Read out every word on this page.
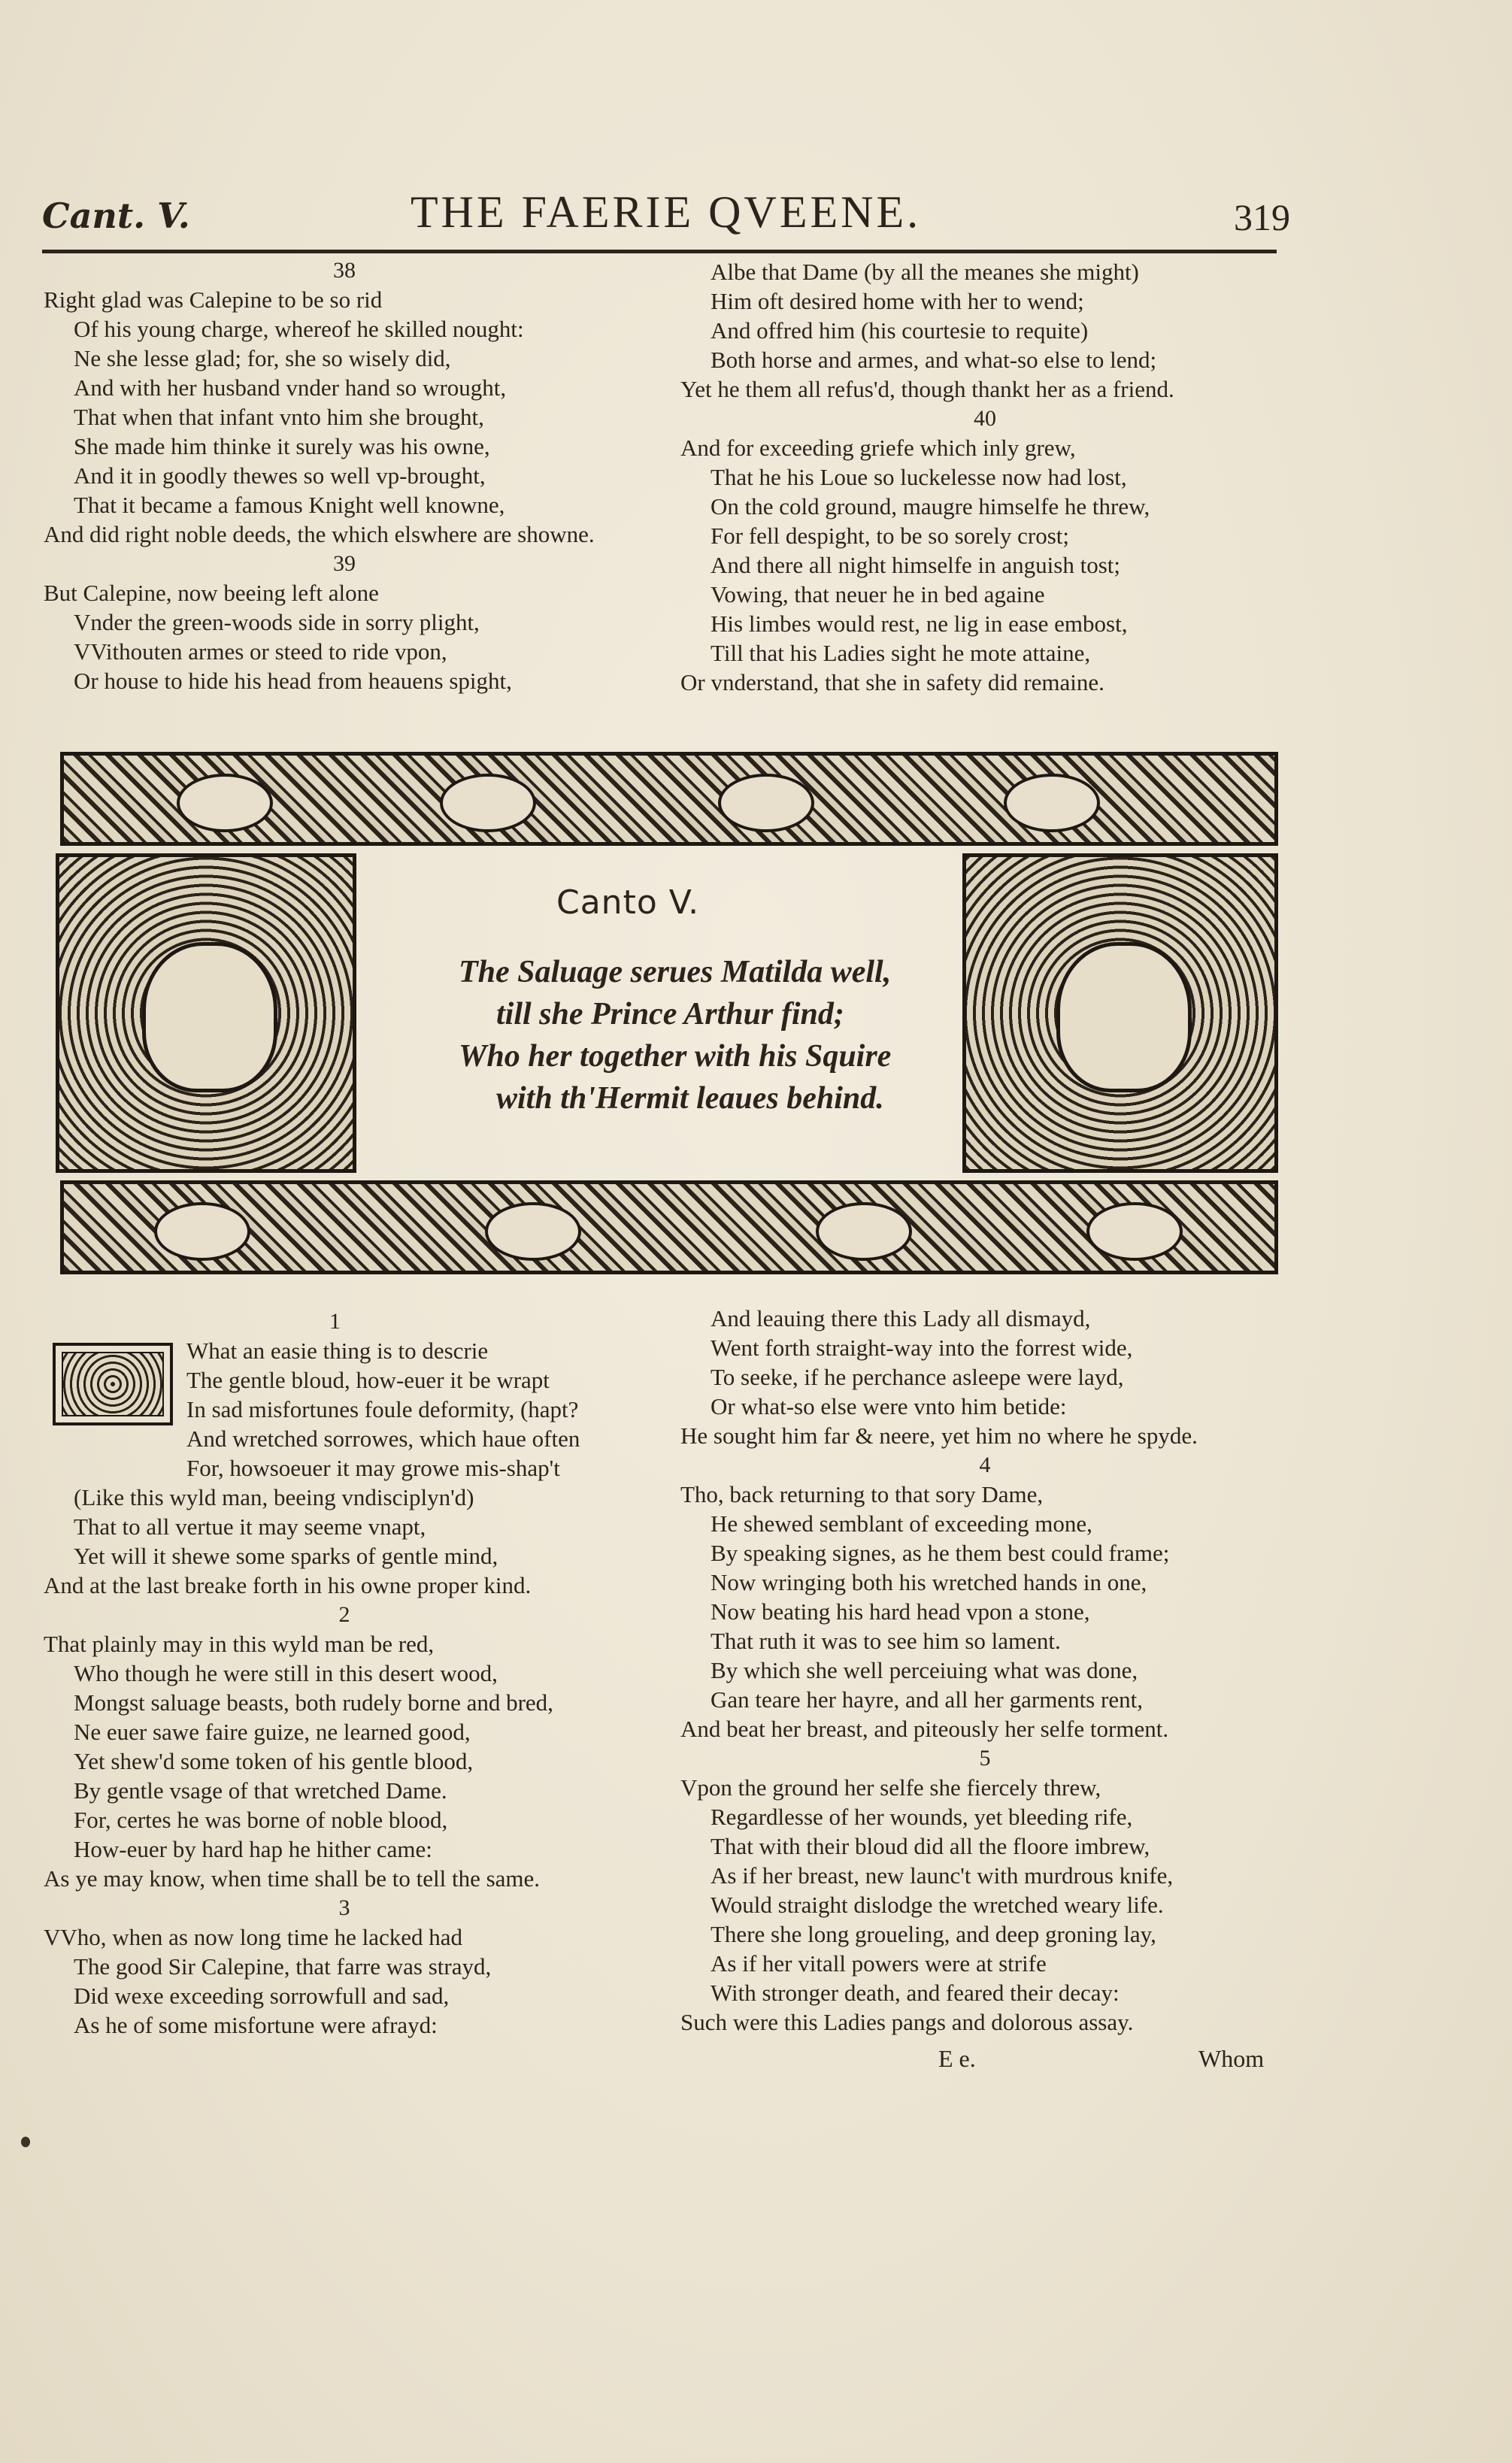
Cant. V.	THE FAERIE QVEENE.	319
38
Right glad was Calepine to be so rid
Of his young charge, whereof he skilled nought:
Ne she lesse glad; for, she so wisely did,
And with her husband vnder hand so wrought,
That when that infant vnto him she brought,
She made him thinke it surely was his owne,
And it in goodly thewes so well vp-brought,
That it became a famous Knight well knowne,
And did right noble deeds, the which elswhere are showne.
39
But Calepine, now beeing left alone
Vnder the green-woods side in sorry plight,
VVithouten armes or steed to ride vpon,
Or house to hide his head from heauens spight,
Albe that Dame (by all the meanes she might)
Him oft desired home with her to wend;
And offred him (his courtesie to requite)
Both horse and armes, and what-so else to lend;
Yet he them all refus'd, though thankt her as a friend.
40
And for exceeding griefe which inly grew,
That he his Loue so luckelesse now had lost,
On the cold ground, maugre himselfe he threw,
For fell despight, to be so sorely crost;
And there all night himselfe in anguish tost;
Vowing, that neuer he in bed againe
His limbes would rest, ne lig in ease embost,
Till that his Ladies sight he mote attaine,
Or vnderstand, that she in safety did remaine.
Canto V.
The Saluage serues Matilda well,
till she Prince Arthur find;
Who her together with his Squire
with th'Hermit leaues behind.
1
What an easie thing is to descrie
The gentle bloud, how-euer it be wrapt
In sad misfortunes foule deformity, (hapt?
And wretched sorrowes, which haue often
For, howsoeuer it may growe mis-shap't
(Like this wyld man, beeing vndisciplyn'd)
That to all vertue it may seeme vnapt,
Yet will it shewe some sparks of gentle mind,
And at the last breake forth in his owne proper kind.
2
That plainly may in this wyld man be red,
Who though he were still in this desert wood,
Mongst saluage beasts, both rudely borne and bred,
Ne euer sawe faire guize, ne learned good,
Yet shew'd some token of his gentle blood,
By gentle vsage of that wretched Dame.
For, certes he was borne of noble blood,
How-euer by hard hap he hither came:
As ye may know, when time shall be to tell the same.
3
VVho, when as now long time he lacked had
The good Sir Calepine, that farre was strayd,
Did wexe exceeding sorrowfull and sad,
As he of some misfortune were afrayd:
And leauing there this Lady all dismayd,
Went forth straight-way into the forrest wide,
To seeke, if he perchance asleepe were layd,
Or what-so else were vnto him betide:
He sought him far & neere, yet him no where he spyde.
4
Tho, back returning to that sory Dame,
He shewed semblant of exceeding mone,
By speaking signes, as he them best could frame;
Now wringing both his wretched hands in one,
Now beating his hard head vpon a stone,
That ruth it was to see him so lament.
By which she well perceiuing what was done,
Gan teare her hayre, and all her garments rent,
And beat her breast, and piteously her selfe torment.
5
Vpon the ground her selfe she fiercely threw,
Regardlesse of her wounds, yet bleeding rife,
That with their bloud did all the floore imbrew,
As if her breast, new launc't with murdrous knife,
Would straight dislodge the wretched weary life.
There she long groueling, and deep groning lay,
As if her vitall powers were at strife
With stronger death, and feared their decay:
Such were this Ladies pangs and dolorous assay.
E e.	Whom
